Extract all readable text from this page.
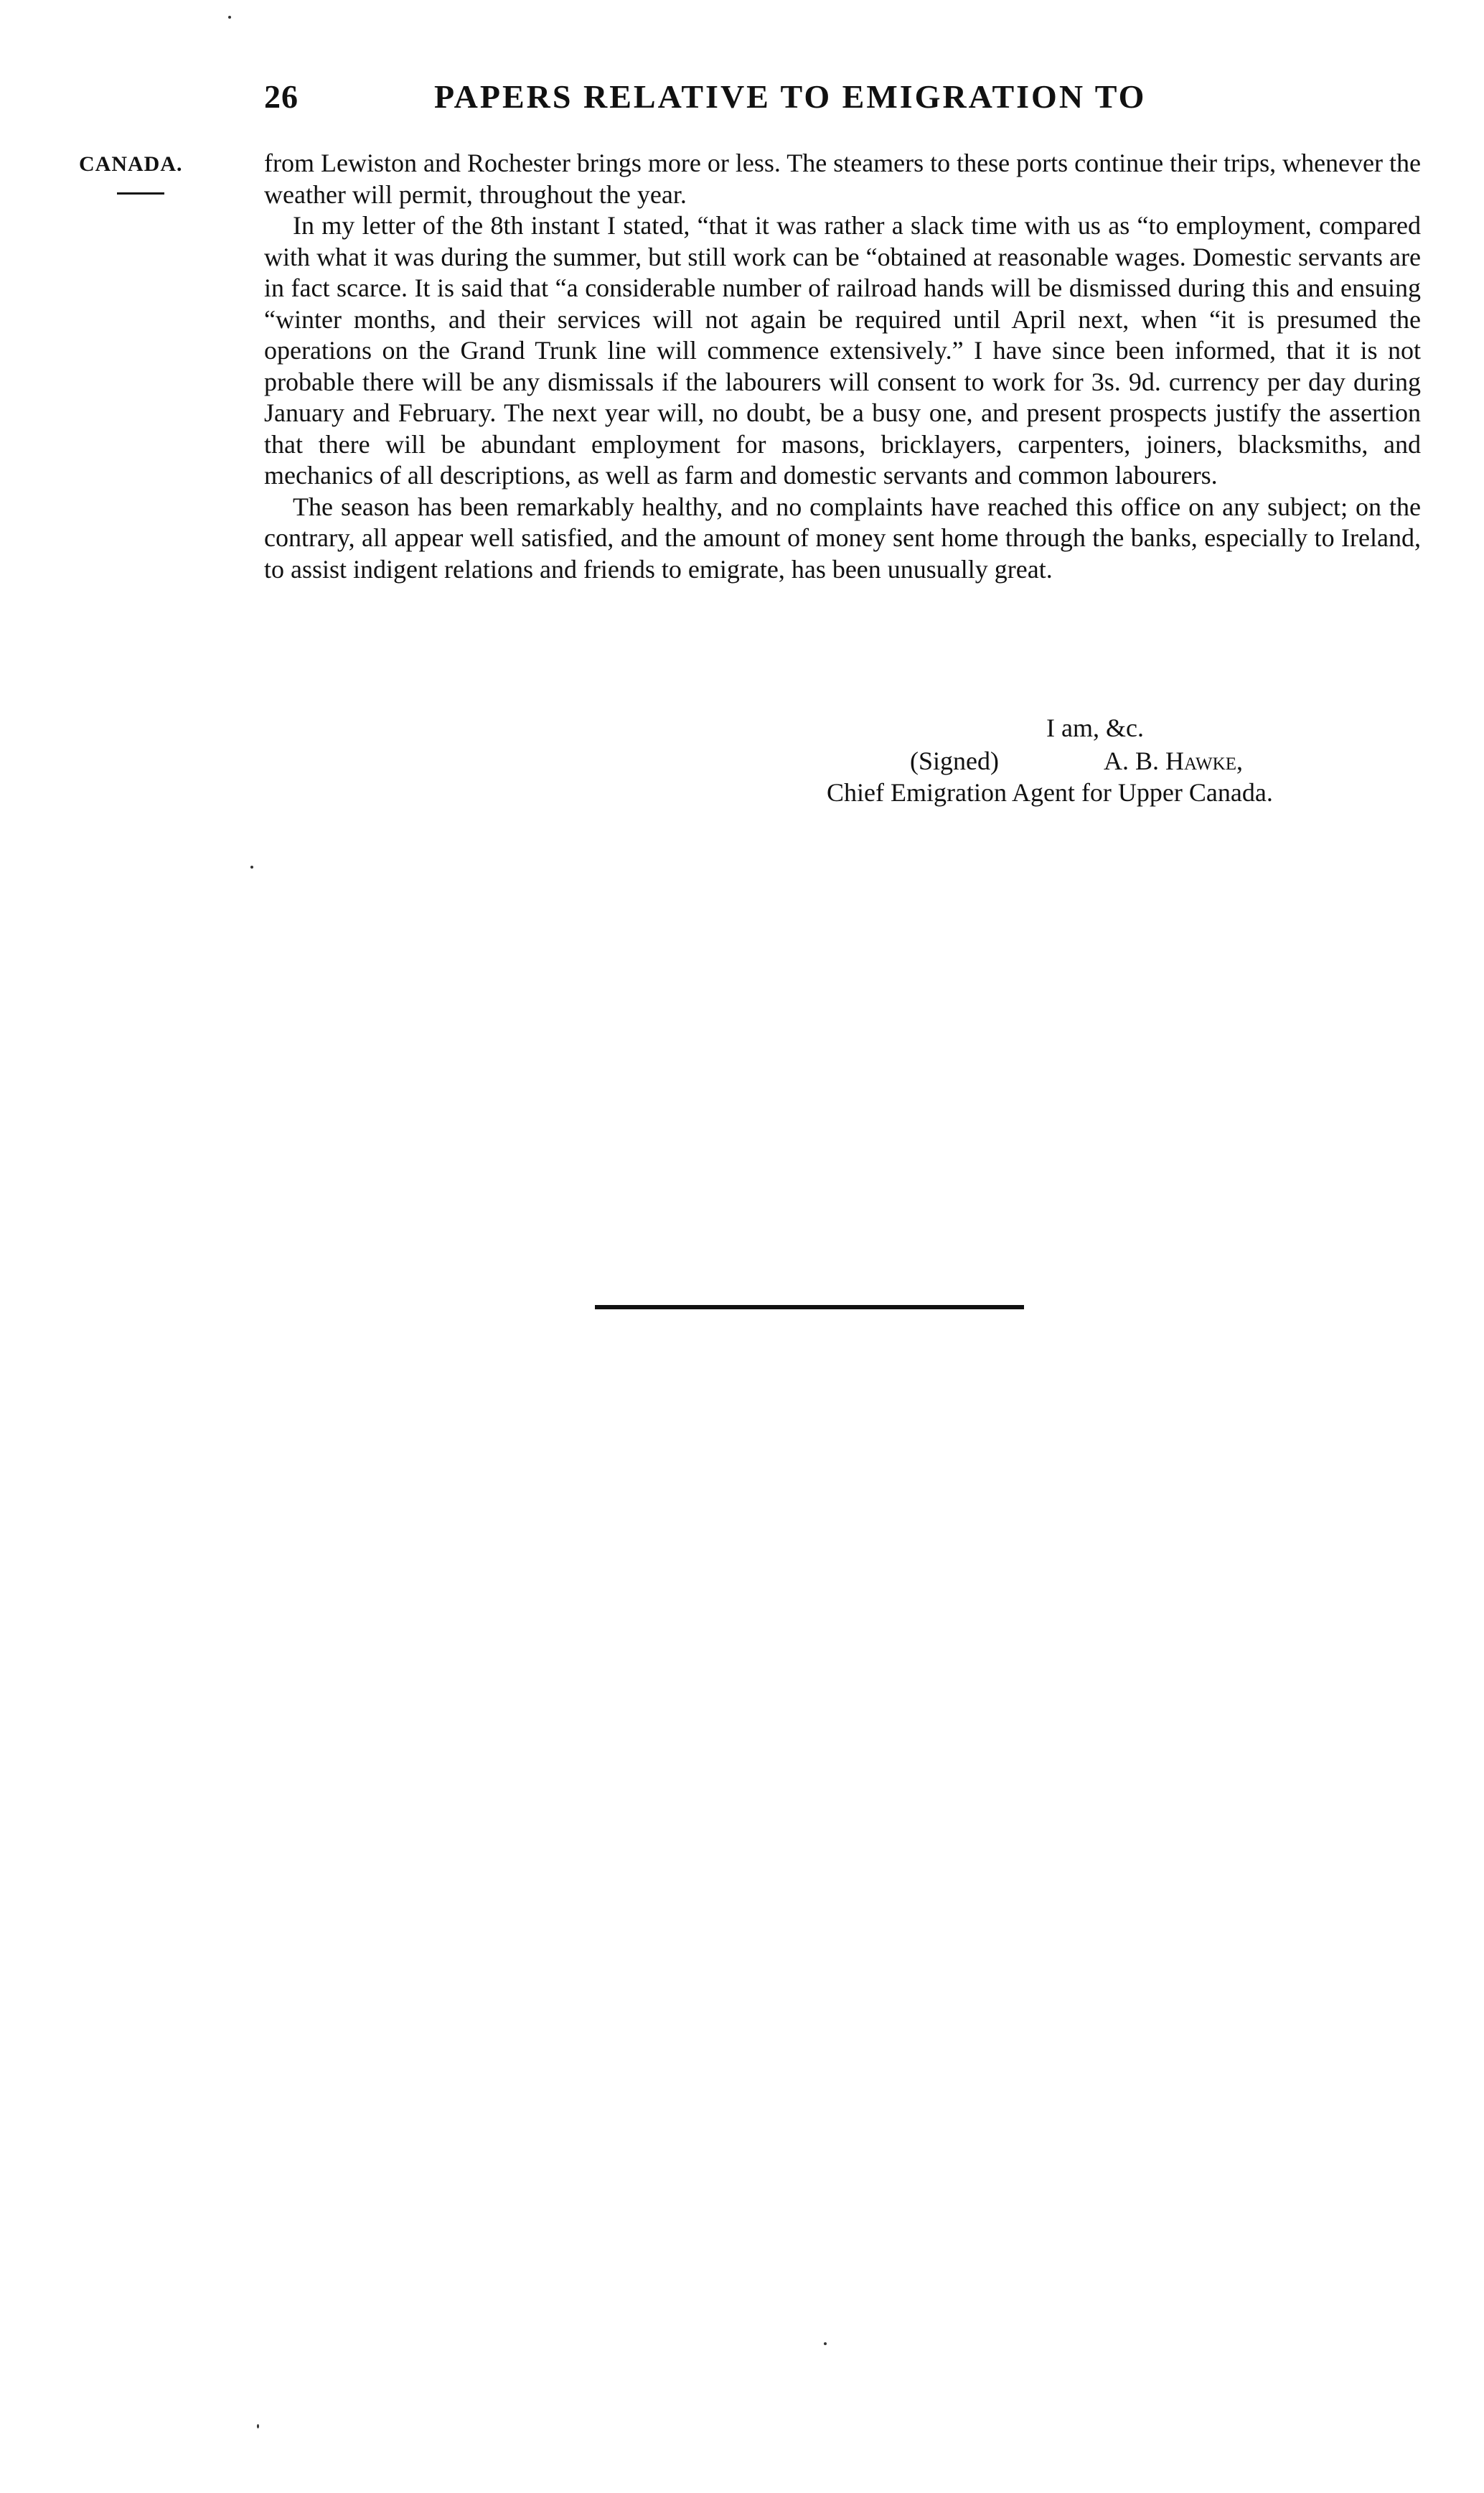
26	PAPERS RELATIVE TO EMIGRATION TO
CANADA.	from Lewiston and Rochester brings more or less. The steamers to these ports continue their trips, whenever the weather will permit, throughout the year.

In my letter of the 8th instant I stated, “that it was rather a slack time with us as “to employment, compared with what it was during the summer, but still work can be “obtained at reasonable wages. Domestic servants are in fact scarce. It is said that “a considerable number of railroad hands will be dismissed during this and ensuing “winter months, and their services will not again be required until April next, when “it is presumed the operations on the Grand Trunk line will commence extensively.” I have since been informed, that it is not probable there will be any dismissals if the labourers will consent to work for 3s. 9d. currency per day during January and February. The next year will, no doubt, be a busy one, and present prospects justify the assertion that there will be abundant employment for masons, bricklayers, carpenters, joiners, blacksmiths, and mechanics of all descriptions, as well as farm and domestic servants and common labourers.

The season has been remarkably healthy, and no complaints have reached this office on any subject; on the contrary, all appear well satisfied, and the amount of money sent home through the banks, especially to Ireland, to assist indigent relations and friends to emigrate, has been unusually great.

I am, &c.
(Signed)	A. B. Hawke,
Chief Emigration Agent for Upper Canada.
